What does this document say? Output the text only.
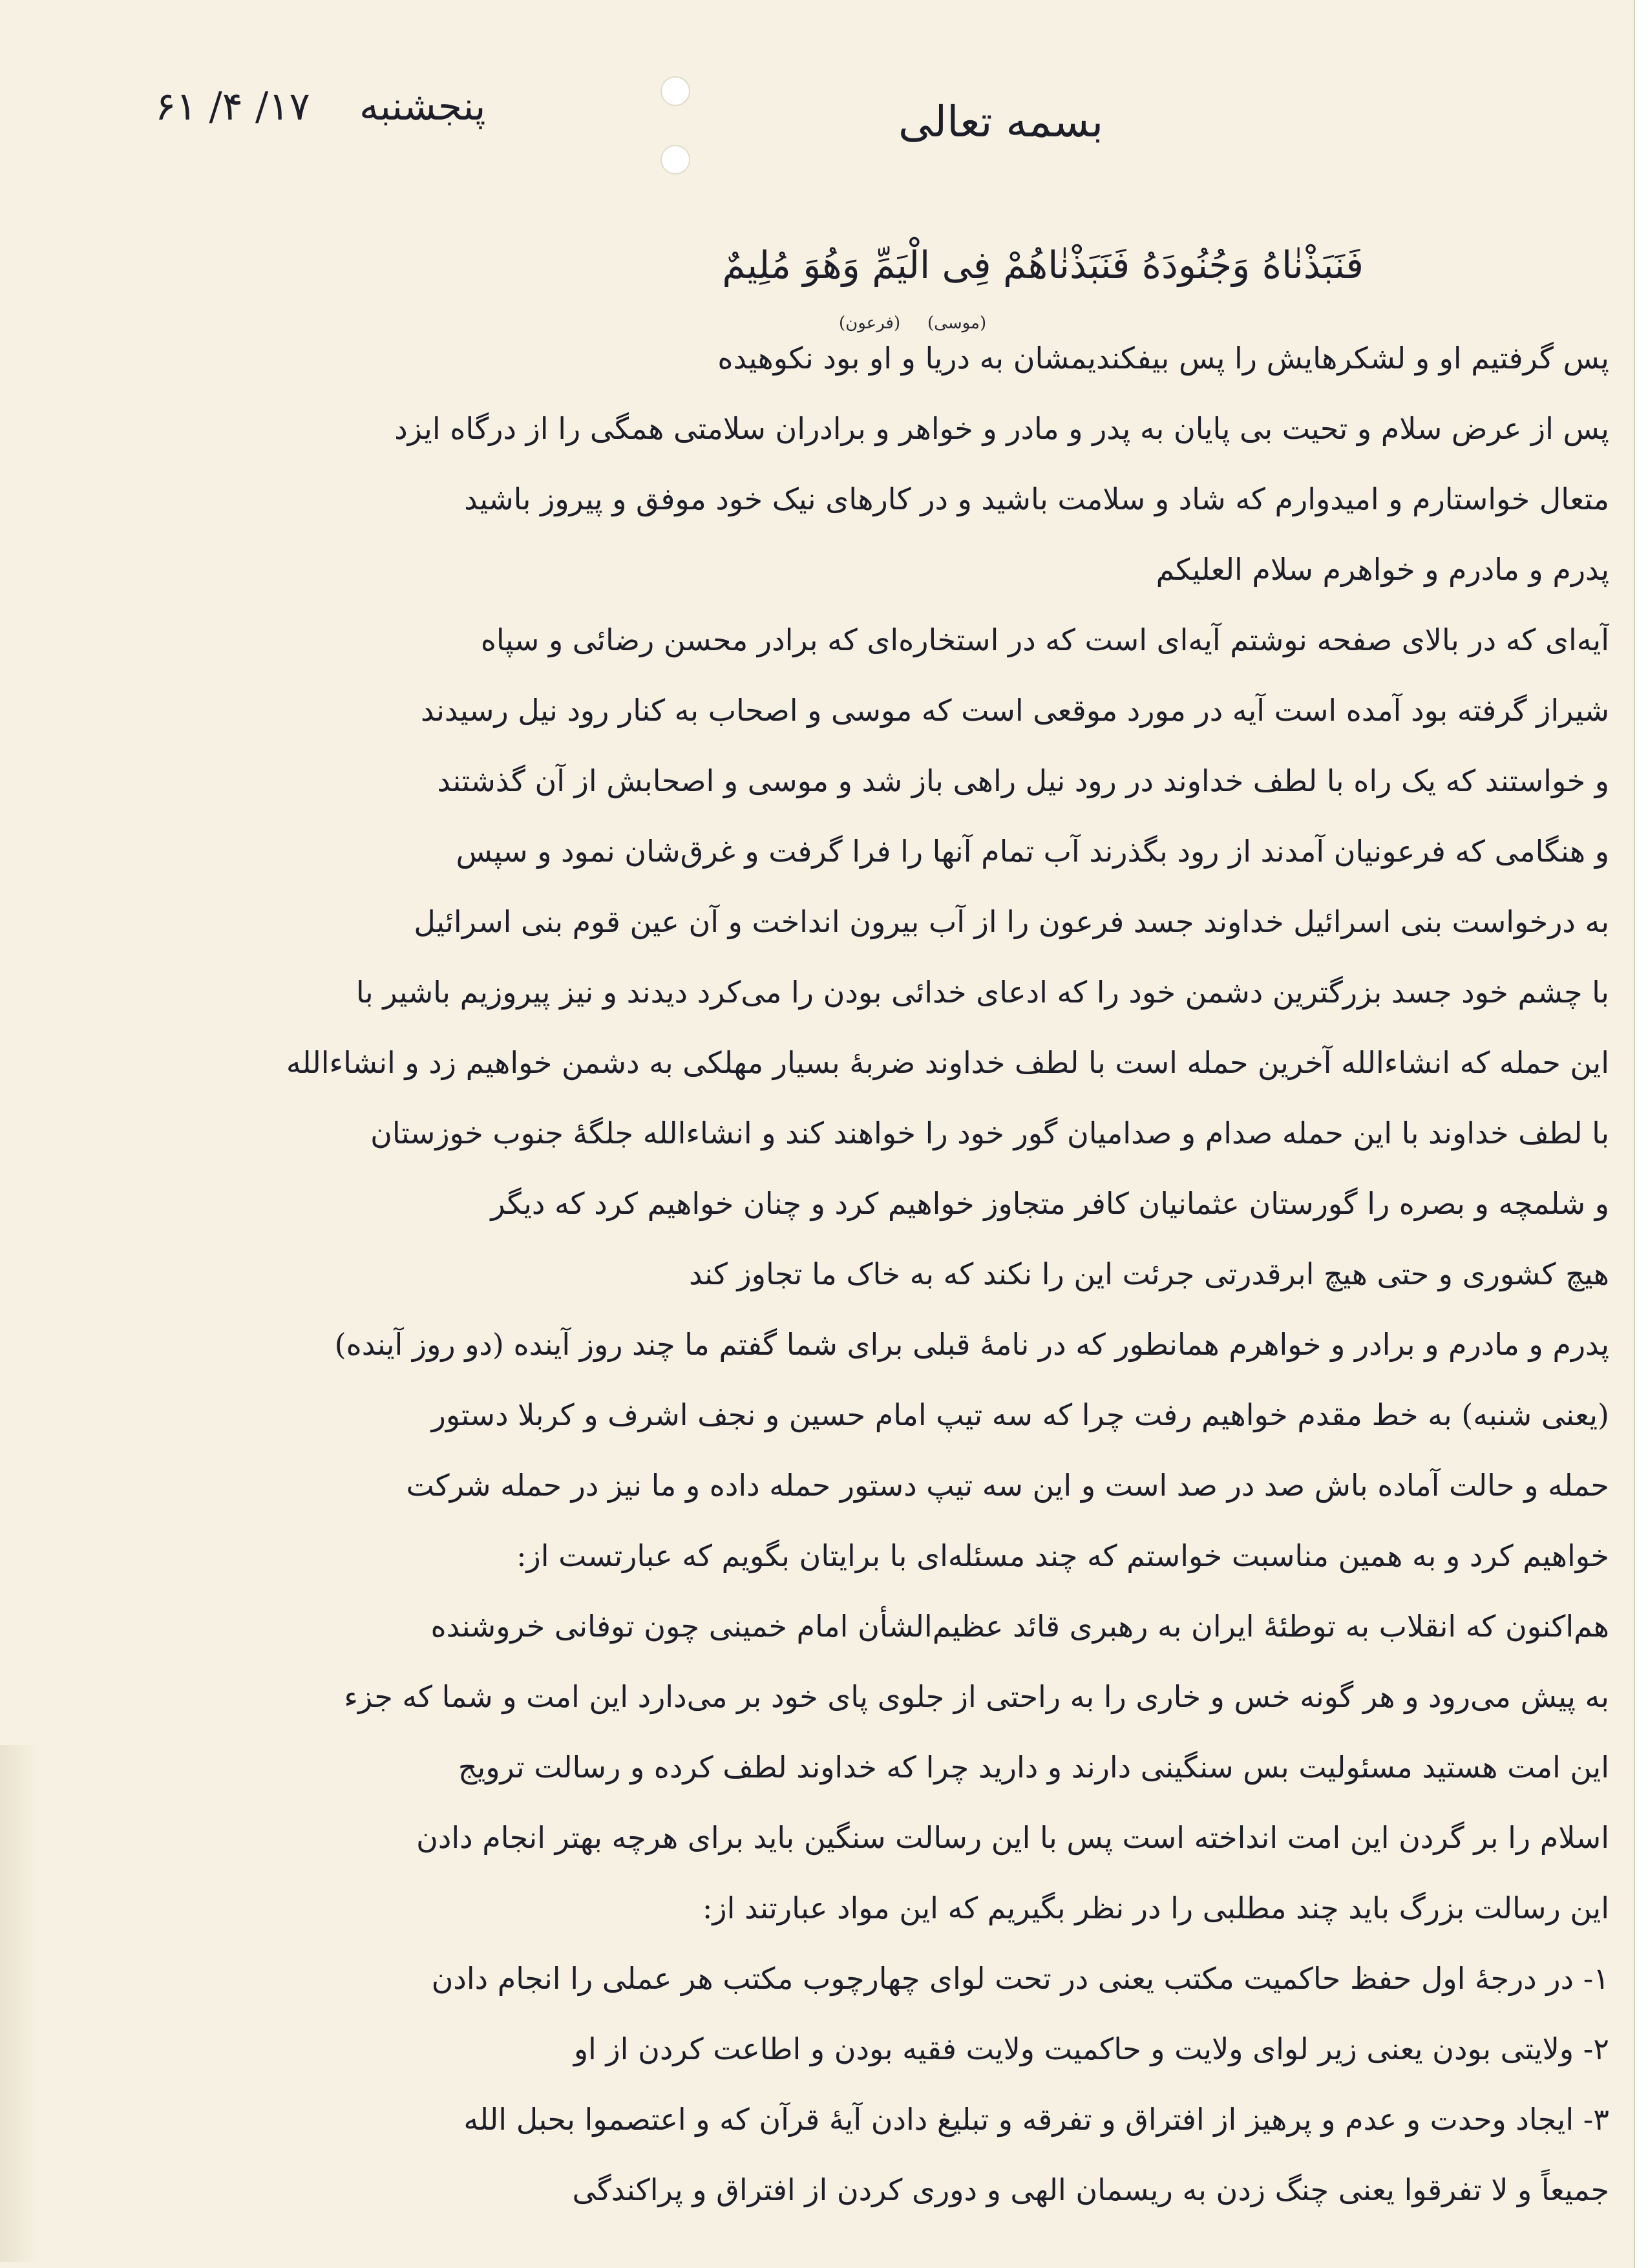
۶۱ /۴ /۱۷ پنجشنبه	بسمه تعالی
(موسی)
(فرعون)
فَنَبَذْنٰاهُ وَجُنُودَهُ فَنَبَذْنٰاهُمْ فِی الْیَمِّ وَهُوَ مُلِیمٌ
پس گرفتیم او و لشکرهایش را پس بیفکندیمشان به دریا و او بود نکوهیده
پس از عرض سلام و تحیت بی پایان به پدر و مادر و خواهر و برادران سلامتی همگی را از درگاه ایزد
متعال خواستارم و امیدوارم که شاد و سلامت باشید و در کارهای نیک خود موفق و پیروز باشید
پدرم و مادرم و خواهرم سلام العلیکم
آیه‌ای که در بالای صفحه نوشتم آیه‌ای است که در استخاره‌ای که برادر محسن رضائی و سپاه
شیراز گرفته بود آمده است آیه در مورد موقعی است که موسی و اصحاب به کنار رود نیل رسیدند
و خواستند که یک راه با لطف خداوند در رود نیل راهی باز شد و موسی و اصحابش از آن گذشتند
و هنگامی که فرعونیان آمدند از رود بگذرند آب تمام آنها را فرا گرفت و غرق‌شان نمود و سپس
به درخواست بنی اسرائیل خداوند جسد فرعون را از آب بیرون انداخت و آن عین قوم بنی اسرائیل
با چشم خود جسد بزرگترین دشمن خود را که ادعای خدائی بودن را می‌کرد دیدند و نیز پیروزیم باشیر با
این حمله که انشاءالله آخرین حمله است با لطف خداوند ضربهٔ بسیار مهلکی به دشمن خواهیم زد و انشاءالله
با لطف خداوند با این حمله صدام و صدامیان گور خود را خواهند کند و انشاءالله جلگهٔ جنوب خوزستان
و شلمچه و بصره را گورستان عثمانیان کافر متجاوز خواهیم کرد و چنان خواهیم کرد که دیگر
هیچ کشوری و حتی هیچ ابرقدرتی جرئت این را نکند که به خاک ما تجاوز کند
پدرم و مادرم و برادر و خواهرم همانطور که در نامهٔ قبلی برای شما گفتم ما چند روز آینده (دو روز آینده)
(یعنی شنبه) به خط مقدم خواهیم رفت چرا که سه تیپ امام حسین و نجف اشرف و کربلا دستور
حمله و حالت آماده باش صد در صد است و این سه تیپ دستور حمله داده و ما نیز در حمله شرکت
خواهیم کرد و به همین مناسبت خواستم که چند مسئله‌ای با برایتان بگویم که عبارتست از:
هم‌اکنون که انقلاب به توطئهٔ ایران به رهبری قائد عظیم‌الشأن امام خمینی چون توفانی خروشنده
به پیش می‌رود و هر گونه خس و خاری را به راحتی از جلوی پای خود بر می‌دارد این امت و شما که جزء
این امت هستید مسئولیت بس سنگینی دارند و دارید چرا که خداوند لطف کرده و رسالت ترویج
اسلام را بر گردن این امت انداخته است پس با این رسالت سنگین باید برای هرچه بهتر انجام دادن
این رسالت بزرگ باید چند مطلبی را در نظر بگیریم که این مواد عبارتند از:
۱- در درجهٔ اول حفظ حاکمیت مکتب یعنی در تحت لوای چهارچوب مکتب هر عملی را انجام دادن
۲- ولایتی بودن یعنی زیر لوای ولایت و حاکمیت ولایت فقیه بودن و اطاعت کردن از او
۳- ایجاد وحدت و عدم و پرهیز از افتراق و تفرقه و تبلیغ دادن آیهٔ قرآن که و اعتصموا بحبل الله
جمیعاً و لا تفرقوا یعنی چنگ زدن به ریسمان الهی و دوری کردن از افتراق و پراکندگی
